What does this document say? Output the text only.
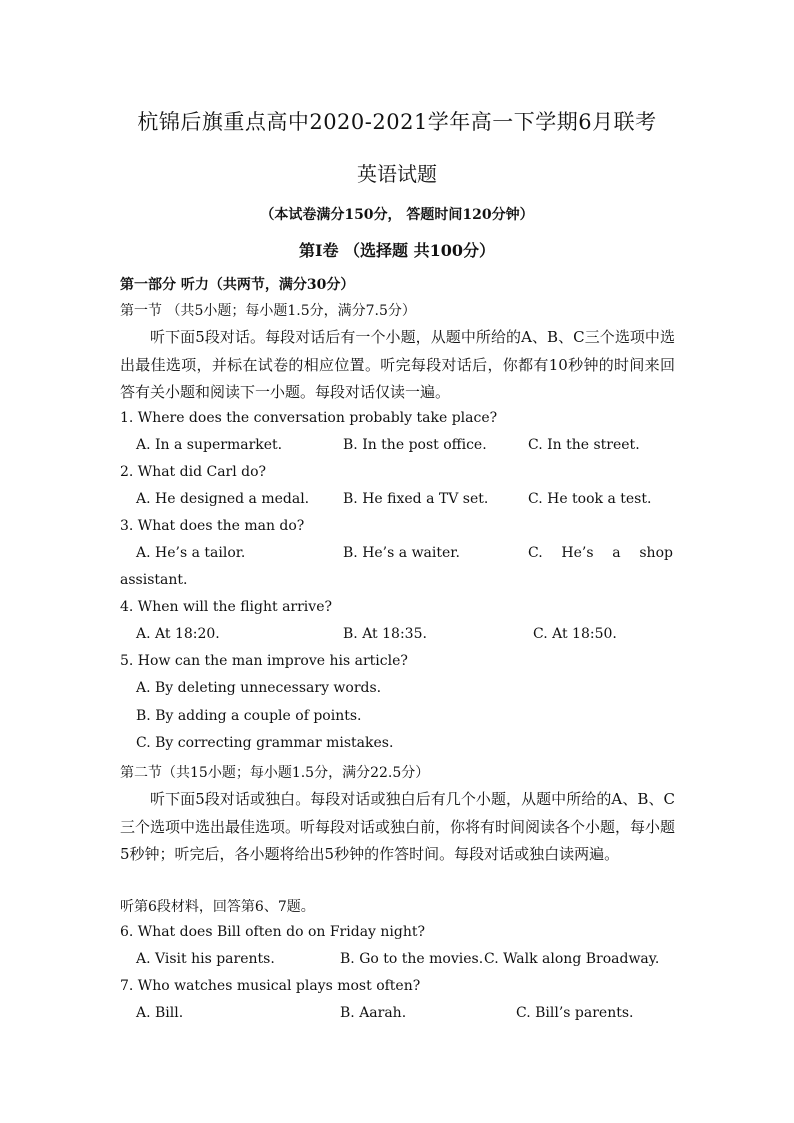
杭锦后旗重点高中2020-2021学年高一下学期6月联考
英语试题
（本试卷满分150分， 答题时间120分钟）
第Ⅰ卷 （选择题 共100分）
第一部分 听力（共两节，满分30分）
第一节 （共5小题；每小题1.5分，满分7.5分）
听下面5段对话。每段对话后有一个小题，从题中所给的A、B、C三个选项中选出最佳选项，并标在试卷的相应位置。听完每段对话后，你都有10秒钟的时间来回答有关小题和阅读下一小题。每段对话仅读一遍。
1. Where does the conversation probably take place?
A. In a supermarket.	B. In the post office.	C. In the street.
2. What did Carl do?
A. He designed a medal. B. He fixed a TV set.	C. He took a test.
3. What does the man do?
A. He’s a tailor.	B. He’s a waiter.	C. He’s a shop
assistant.
4. When will the flight arrive?
A. At 18:20.	B. At 18:35.	C. At 18:50.
5. How can the man improve his article?
A. By deleting unnecessary words.
B. By adding a couple of points.
C. By correcting grammar mistakes.
第二节（共15小题；每小题1.5分，满分22.5分）
听下面5段对话或独白。每段对话或独白后有几个小题，从题中所给的A、B、C三个选项中选出最佳选项。听每段对话或独白前，你将有时间阅读各个小题，每小题5秒钟；听完后，各小题将给出5秒钟的作答时间。每段对话或独白读两遍。
听第6段材料，回答第6、7题。
6. What does Bill often do on Friday night?
A. Visit his parents.	B. Go to the movies. C. Walk along Broadway.
7. Who watches musical plays most often?
A. Bill.	B. Aarah.	C. Bill’s parents.
